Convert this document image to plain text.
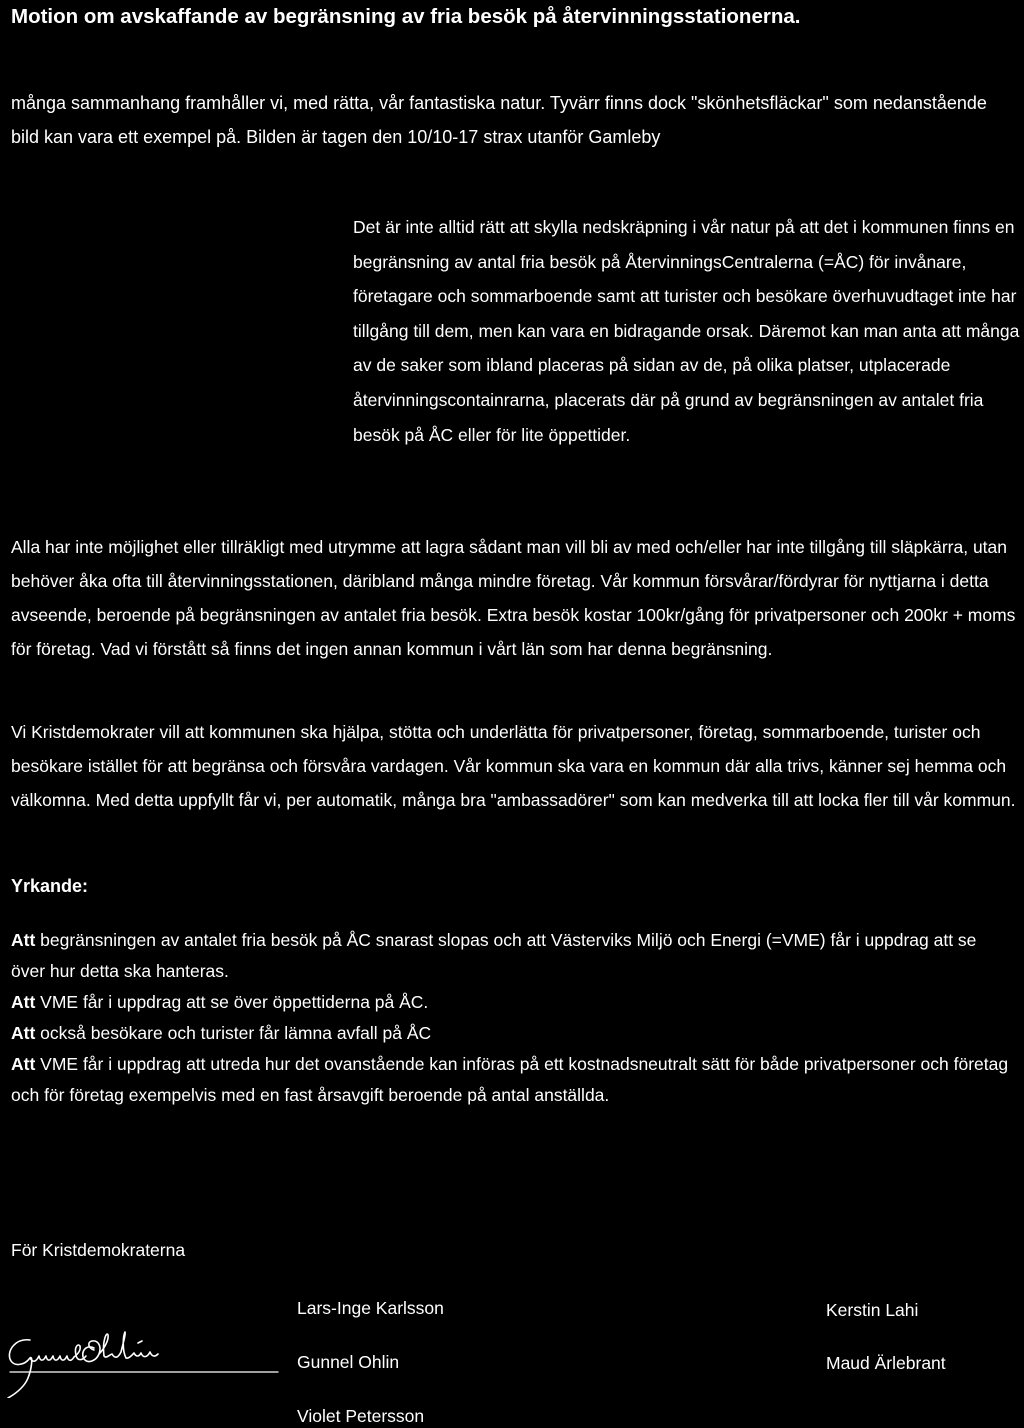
Motion om avskaffande av begränsning av fria besök på återvinningsstationerna.

många sammanhang framhåller vi, med rätta, vår fantastiska natur. Tyvärr finns dock "skönhetsfläckar" som nedanstående bild kan vara ett exempel på. Bilden är tagen den 10/10-17 strax utanför Gamleby

Det är inte alltid rätt att skylla nedskräpning i vår natur på att det i kommunen finns en begränsning av antal fria besök på ÅtervinningsCentralerna (=ÅC) för invånare, företagare och sommarboende samt att turister och besökare överhuvudtaget inte har tillgång till dem, men kan vara en bidragande orsak. Däremot kan man anta att många av de saker som ibland placeras på sidan av de, på olika platser, utplacerade återvinningscontainrarna, placerats där på grund av begränsningen av antalet fria besök på ÅC eller för lite öppettider.

Alla har inte möjlighet eller tillräkligt med utrymme att lagra sådant man vill bli av med och/eller har inte tillgång till släpkärra, utan behöver åka ofta till återvinningsstationen, däribland många mindre företag. Vår kommun försvårar/fördyrar för nyttjarna i detta avseende, beroende på begränsningen av antalet fria besök. Extra besök kostar 100kr/gång för privatpersoner och 200kr + moms för företag. Vad vi förstått så finns det ingen annan kommun i vårt län som har denna begränsning.

Vi Kristdemokrater vill att kommunen ska hjälpa, stötta och underlätta för privatpersoner, företag, sommarboende, turister och besökare istället för att begränsa och försvåra vardagen. Vår kommun ska vara en kommun där alla trivs, känner sej hemma och välkomna. Med detta uppfyllt får vi, per automatik, många bra "ambassadörer" som kan medverka till att locka fler till vår kommun.

Yrkande:
Att begränsningen av antalet fria besök på ÅC snarast slopas och att Västerviks Miljö och Energi (=VME) får i uppdrag att se över hur detta ska hanteras.
Att VME får i uppdrag att se över öppettiderna på ÅC.
Att också besökare och turister får lämna avfall på ÅC
Att VME får i uppdrag att utreda hur det ovanstående kan införas på ett kostnadsneutralt sätt för både privatpersoner och företag och för företag exempelvis med en fast årsavgift beroende på antal anställda.

För Kristdemokraterna

Lars-Inge Karlsson	Kerstin Lahi

Gunnel Ohlin	Maud Ärlebrant

Violet Petersson
